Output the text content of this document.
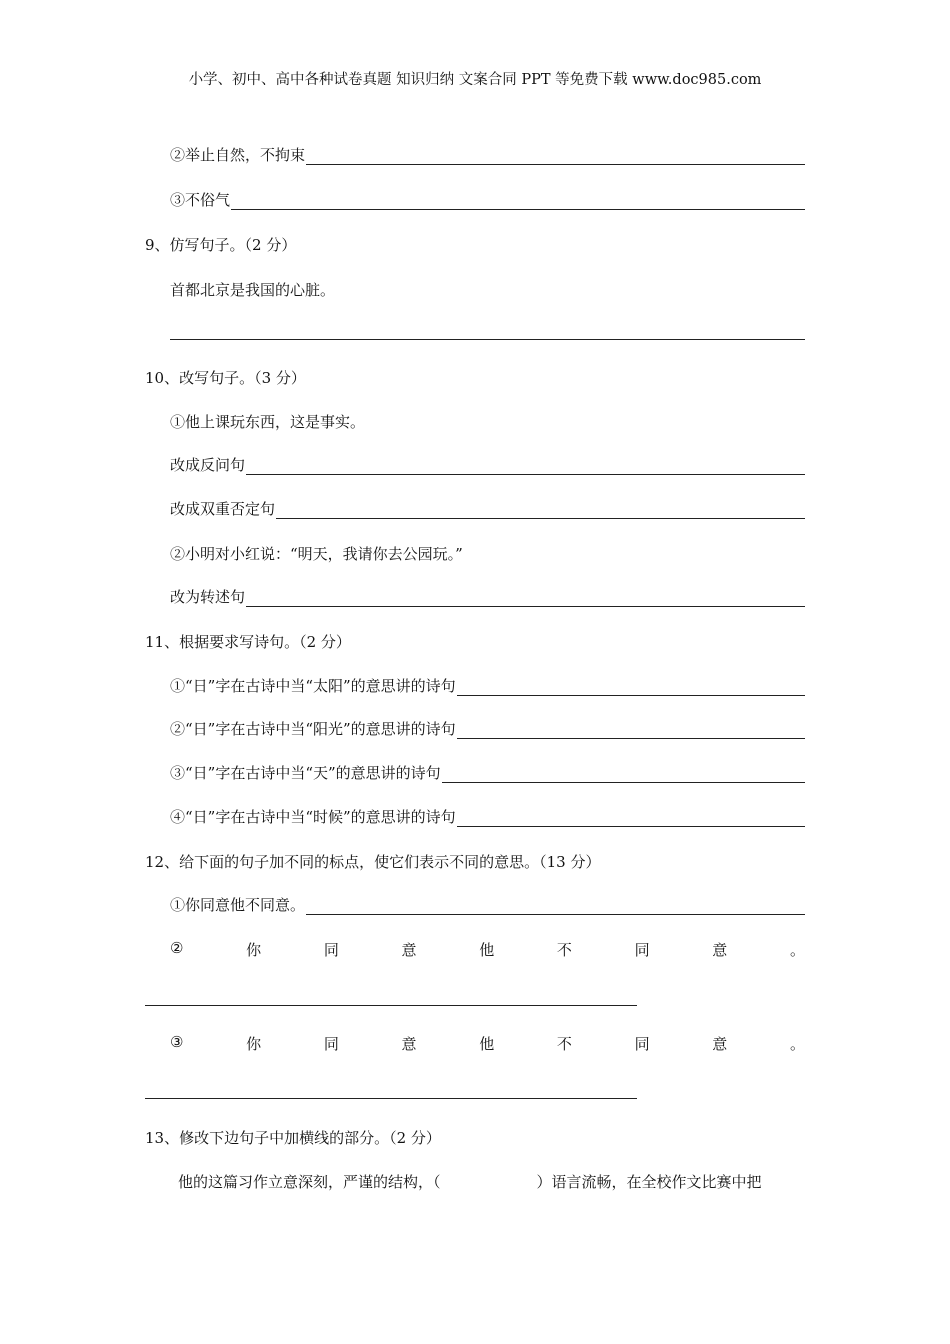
小学、初中、高中各种试卷真题 知识归纳 文案合同 PPT 等免费下载 www.doc985.com
②举止自然，不拘束
③不俗气
9、仿写句子。（2 分）
首都北京是我国的心脏。
10、改写句子。（3 分）
①他上课玩东西，这是事实。
改成反问句
改成双重否定句
②小明对小红说：“明天，我请你去公园玩。”
改为转述句
11、根据要求写诗句。（2 分）
①“日”字在古诗中当“太阳”的意思讲的诗句
②“日”字在古诗中当“阳光”的意思讲的诗句
③“日”字在古诗中当“天”的意思讲的诗句
④“日”字在古诗中当“时候”的意思讲的诗句
12、给下面的句子加不同的标点，使它们表示不同的意思。（13 分）
①你同意他不同意。
②	你	同	意	他	不	同	意	。
③	你	同	意	他	不	同	意	。
13、修改下边句子中加横线的部分。（2 分）
他的这篇习作立意深刻，严谨的结构，（	）语言流畅，在全校作文比赛中把
